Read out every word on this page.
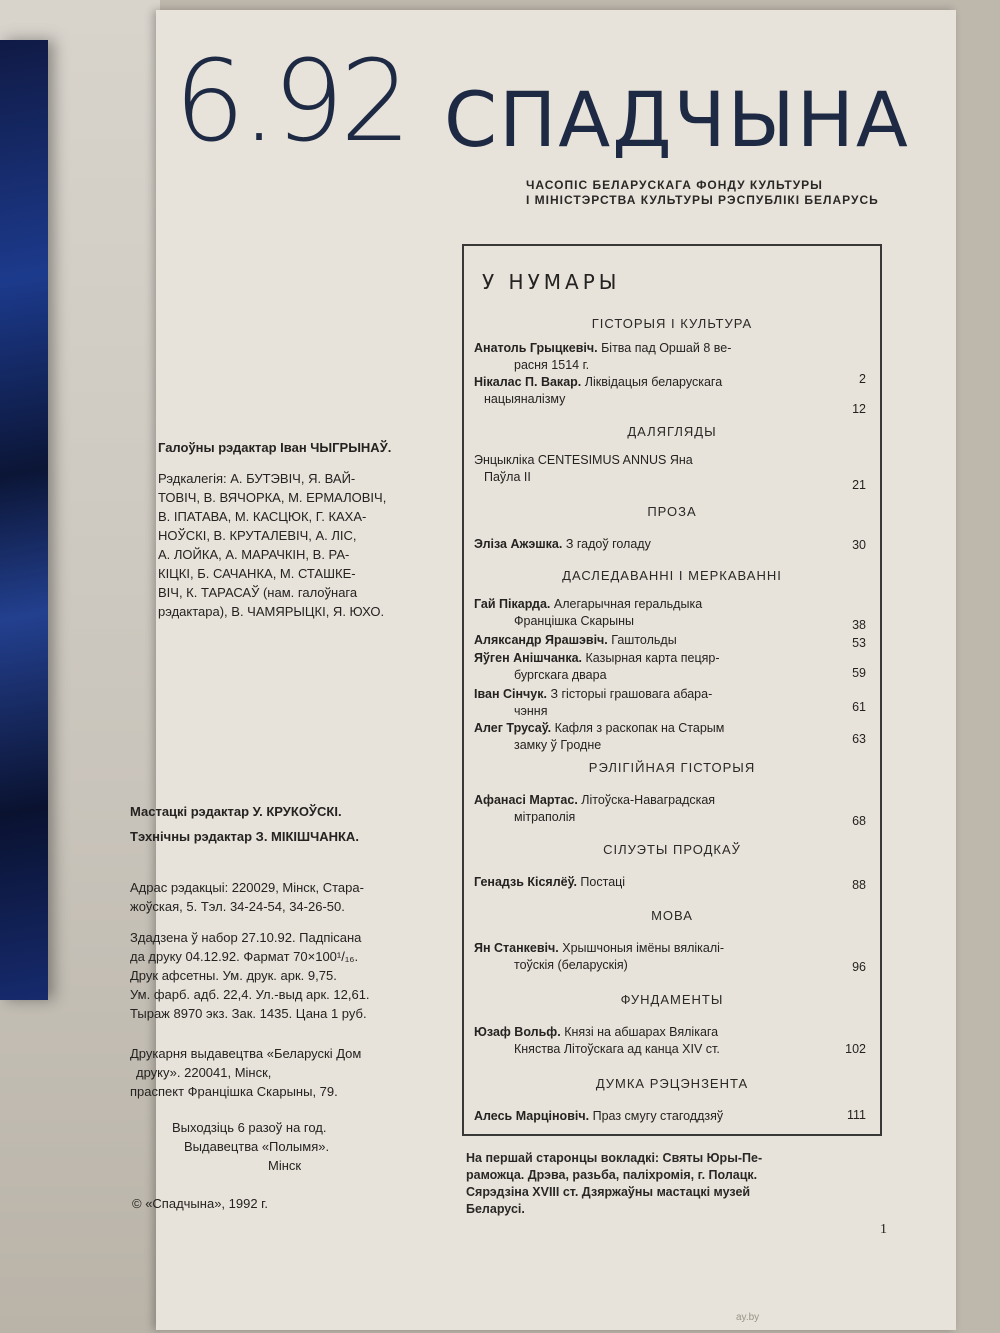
6.92 СПАДЧЫНА
ЧАСОПІС БЕЛАРУСКАГА ФОНДУ КУЛЬТУРЫ
І МІНІСТЭРСТВА КУЛЬТУРЫ РЭСПУБЛІКІ БЕЛАРУСЬ
Галоўны рэдактар Іван ЧЫГРЫНАЎ.
Рэдкалегія: А. БУТЭВІЧ, Я. ВАЙ-
ТОВІЧ, В. ВЯЧОРКА, М. ЕРМАЛОВІЧ,
В. ІПАТАВА, М. КАСЦЮК, Г. КАХА-
НОЎСКІ, В. КРУТАЛЕВІЧ, А. ЛІС,
А. ЛОЙКА, А. МАРАЧКІН, В. РА-
КІЦКІ, Б. САЧАНКА, М. СТАШКЕ-
ВІЧ, К. ТАРАСАЎ (нам. галоўнага
рэдактара), В. ЧАМЯРЫЦКІ, Я. ЮХО.
Мастацкі рэдактар У. КРУКОЎСКІ.
Тэхнічны рэдактар З. МІКІШЧАНКА.
Адрас рэдакцыі: 220029, Мінск, Стара-
жоўская, 5. Тэл. 34-24-54, 34-26-50.
Здадзена ў набор 27.10.92. Падпісана
да друку 04.12.92. Фармат 70×100¹/₁₆.
Друк афсетны. Ум. друк. арк. 9,75.
Ум. фарб. адб. 22,4. Ул.-выд арк. 12,61.
Тыраж 8970 экз. Зак. 1435. Цана 1 руб.
Друкарня выдавецтва «Беларускі Дом
друку». 220041, Мінск,
праспект Францішка Скарыны, 79.
Выходзіць 6 разоў на год.
Выдавецтва «Полымя».
Мінск
© «Спадчына», 1992 г.
У НУМАРЫ
ГІСТОРЫЯ І КУЛЬТУРА
Анатоль Грыцкевіч. Бітва пад Оршай 8 ве-
расня 1514 г.
2
Нікалас П. Вакар. Ліквідацыя беларускага
нацыяналізму
12
ДАЛЯГЛЯДЫ
Энцыкліка CENTESIMUS ANNUS Яна
Паўла II
21
ПРОЗА
Эліза Ажэшка. З гадоў голаду	30
ДАСЛЕДАВАННІ І МЕРКАВАННІ
Гай Пікарда. Алегарычная геральдыка
Францішка Скарыны	38
Аляксандр Ярашэвіч. Гаштольды	53
Яўген Анішчанка. Казырная карта пецяр-
бургскага двара	59
Іван Сінчук. З гісторыі грашовага абара-
чэння	61
Алег Трусаў. Кафля з раскопак на Старым
замку ў Гродне	63
РЭЛІГІЙНАЯ ГІСТОРЫЯ
Афанасі Мартас. Літоўска-Наваградская
мітраполія	68
СІЛУЭТЫ ПРОДКАЎ
Генадзь Кісялёў. Постаці	88
МОВА
Ян Станкевіч. Хрышчоныя імёны вялікалі-
тоўскія (беларускія)	96
ФУНДАМЕНТЫ
Юзаф Вольф. Князі на абшарах Вялікага
Княства Літоўскага ад канца XIV ст.	102
ДУМКА РЭЦЭНЗЕНТА
Алесь Марціновіч. Праз смугу стагоддзяў	111
На першай старонцы вокладкі: Святы Юры-Пе-
раможца. Дрэва, разьба, паліхромія, г. Полацк.
Сярэдзіна XVIII ст. Дзяржаўны мастацкі музей
Беларусі.
1
ay.by
